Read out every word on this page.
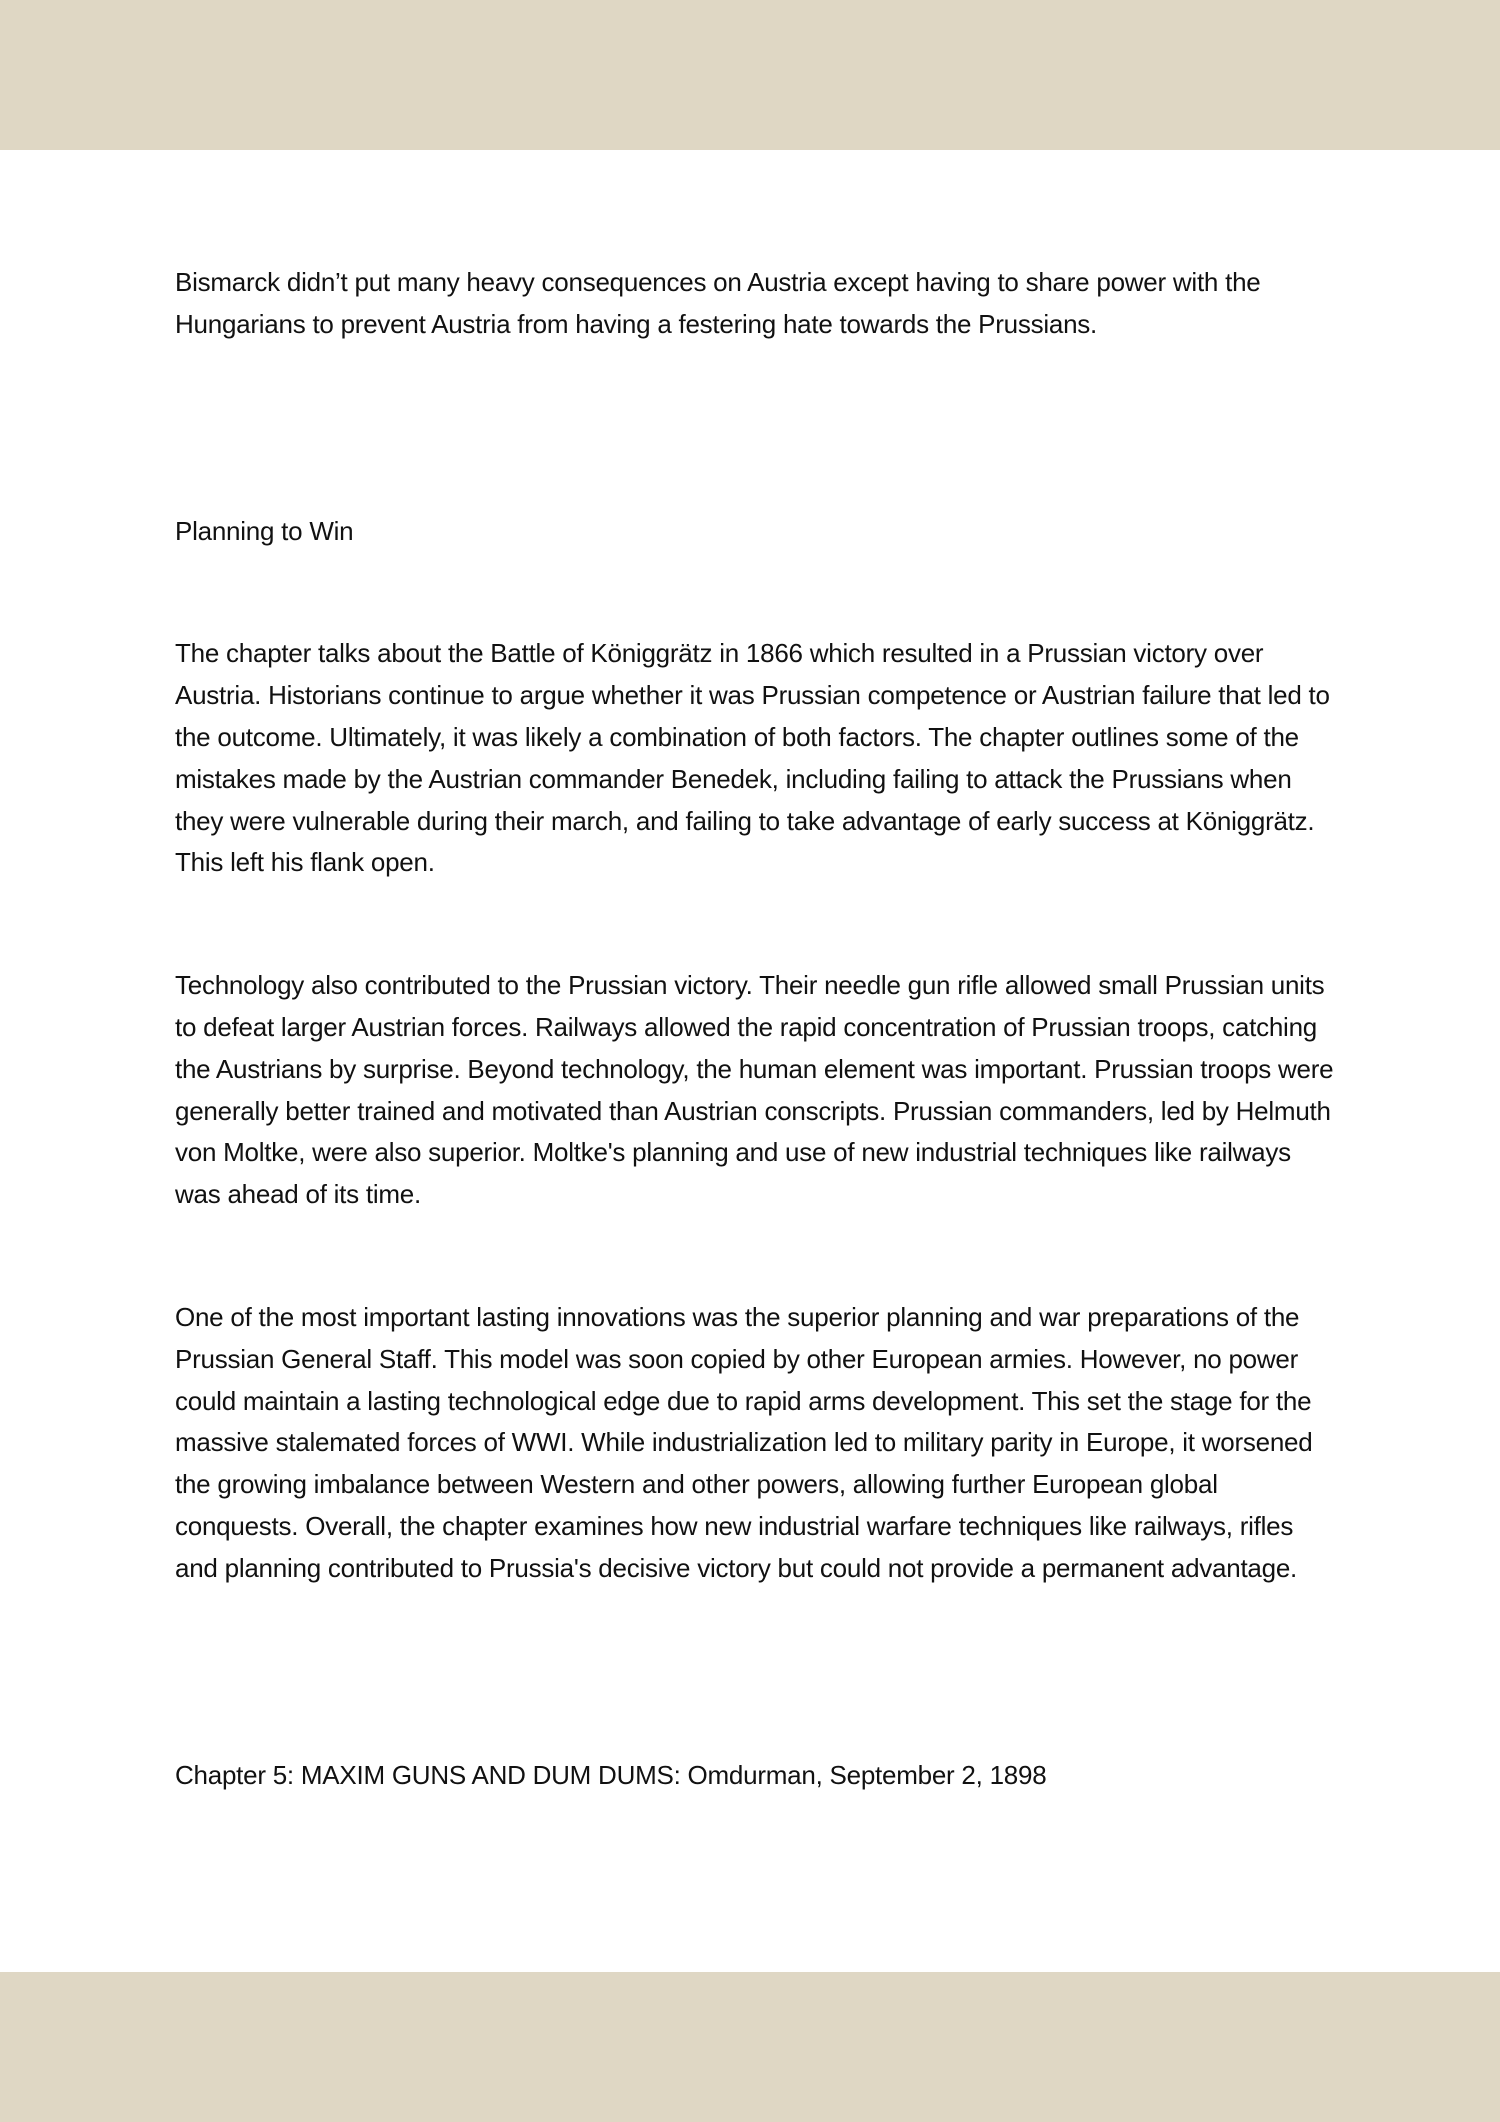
Bismarck didn’t put many heavy consequences on Austria except having to share power with the Hungarians to prevent Austria from having a festering hate towards the Prussians.

Planning to Win

The chapter talks about the Battle of Königgrätz in 1866 which resulted in a Prussian victory over Austria. Historians continue to argue whether it was Prussian competence or Austrian failure that led to the outcome. Ultimately, it was likely a combination of both factors. The chapter outlines some of the mistakes made by the Austrian commander Benedek, including failing to attack the Prussians when they were vulnerable during their march, and failing to take advantage of early success at Königgrätz. This left his flank open.

Technology also contributed to the Prussian victory. Their needle gun rifle allowed small Prussian units to defeat larger Austrian forces. Railways allowed the rapid concentration of Prussian troops, catching the Austrians by surprise. Beyond technology, the human element was important. Prussian troops were generally better trained and motivated than Austrian conscripts. Prussian commanders, led by Helmuth von Moltke, were also superior. Moltke's planning and use of new industrial techniques like railways was ahead of its time.

One of the most important lasting innovations was the superior planning and war preparations of the Prussian General Staff. This model was soon copied by other European armies. However, no power could maintain a lasting technological edge due to rapid arms development. This set the stage for the massive stalemated forces of WWI. While industrialization led to military parity in Europe, it worsened the growing imbalance between Western and other powers, allowing further European global conquests. Overall, the chapter examines how new industrial warfare techniques like railways, rifles and planning contributed to Prussia's decisive victory but could not provide a permanent advantage.

Chapter 5: MAXIM GUNS AND DUM DUMS: Omdurman, September 2, 1898
